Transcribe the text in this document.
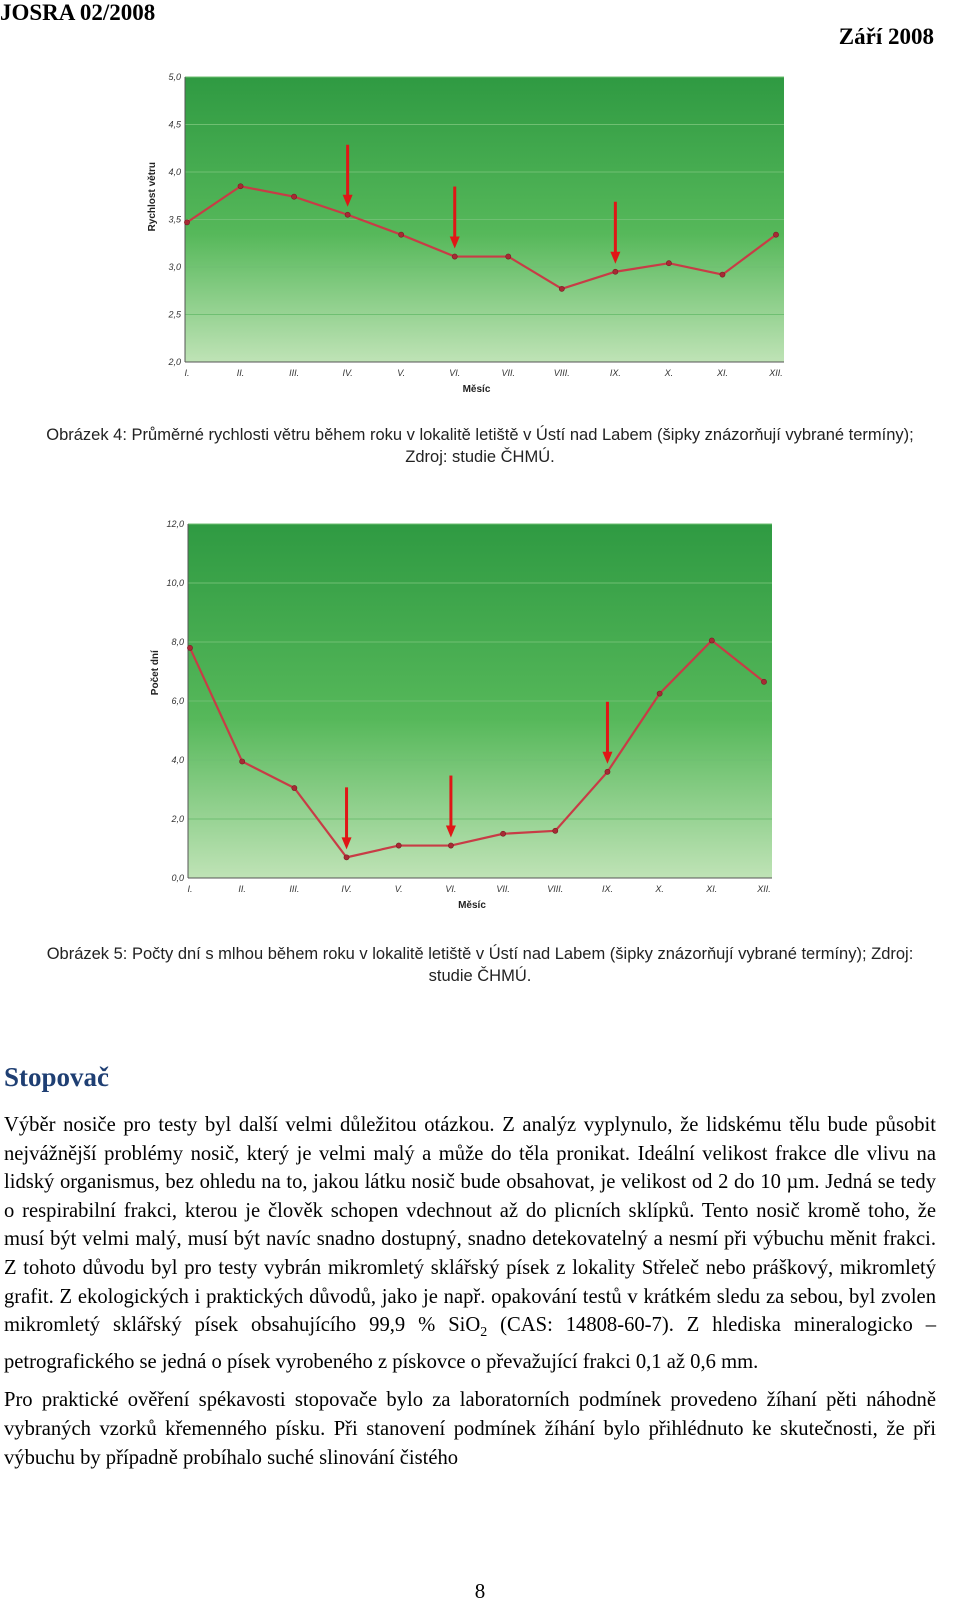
JOSRA 02/2008
Září 2008
2,0
2,5
3,0
3,5
4,0
4,5
5,0
I.	II.	III.	IV.	V.	VI.	VII.	VIII.	IX.	X.	XI.	XII.
Měsíc
Rychlost větru
Obrázek 4: Průměrné rychlosti větru během roku v lokalitě letiště v Ústí nad Labem (šipky znázorňují vybrané termíny);
Zdroj: studie ČHMÚ.
0,0
2,0
4,0
6,0
8,0
10,0
12,0
I.	II.	III.	IV.	V.	VI.	VII.	VIII.	IX.	X.	XI.	XII.
Měsíc
Počet dní
Obrázek 5: Počty dní s mlhou během roku v lokalitě letiště v Ústí nad Labem (šipky znázorňují vybrané termíny); Zdroj:
studie ČHMÚ.
Stopovač

Výběr nosiče pro testy byl další velmi důležitou otázkou. Z analýz vyplynulo, že lidskému tělu bude působit nejvážnější problémy nosič, který je velmi malý a může do těla pronikat. Ideální velikost frakce dle vlivu na lidský organismus, bez ohledu na to, jakou látku nosič bude obsahovat, je velikost od 2 do 10 µm. Jedná se tedy o respirabilní frakci, kterou je člověk schopen vdechnout až do plicních sklípků. Tento nosič kromě toho, že musí být velmi malý, musí být navíc snadno dostupný, snadno detekovatelný a nesmí při výbuchu měnit frakci. Z tohoto důvodu byl pro testy vybrán mikromletý sklářský písek z lokality Střeleč nebo práškový, mikromletý grafit. Z ekologických i praktických důvodů, jako je např. opakování testů v krátkém sledu za sebou, byl zvolen mikromletý sklářský písek obsahujícího 99,9 % SiO$_2$ (CAS: 14808-60-7). Z hlediska mineralogicko – petrografického se jedná o písek vyrobeného z pískovce o převažující frakci 0,1 až 0,6 mm.

Pro praktické ověření spékavosti stopovače bylo za laboratorních podmínek provedeno žíhaní pěti náhodně vybraných vzorků křemenného písku. Při stanovení podmínek žíhání bylo přihlédnuto ke skutečnosti, že při výbuchu by případně probíhalo suché slinování čistého

8
